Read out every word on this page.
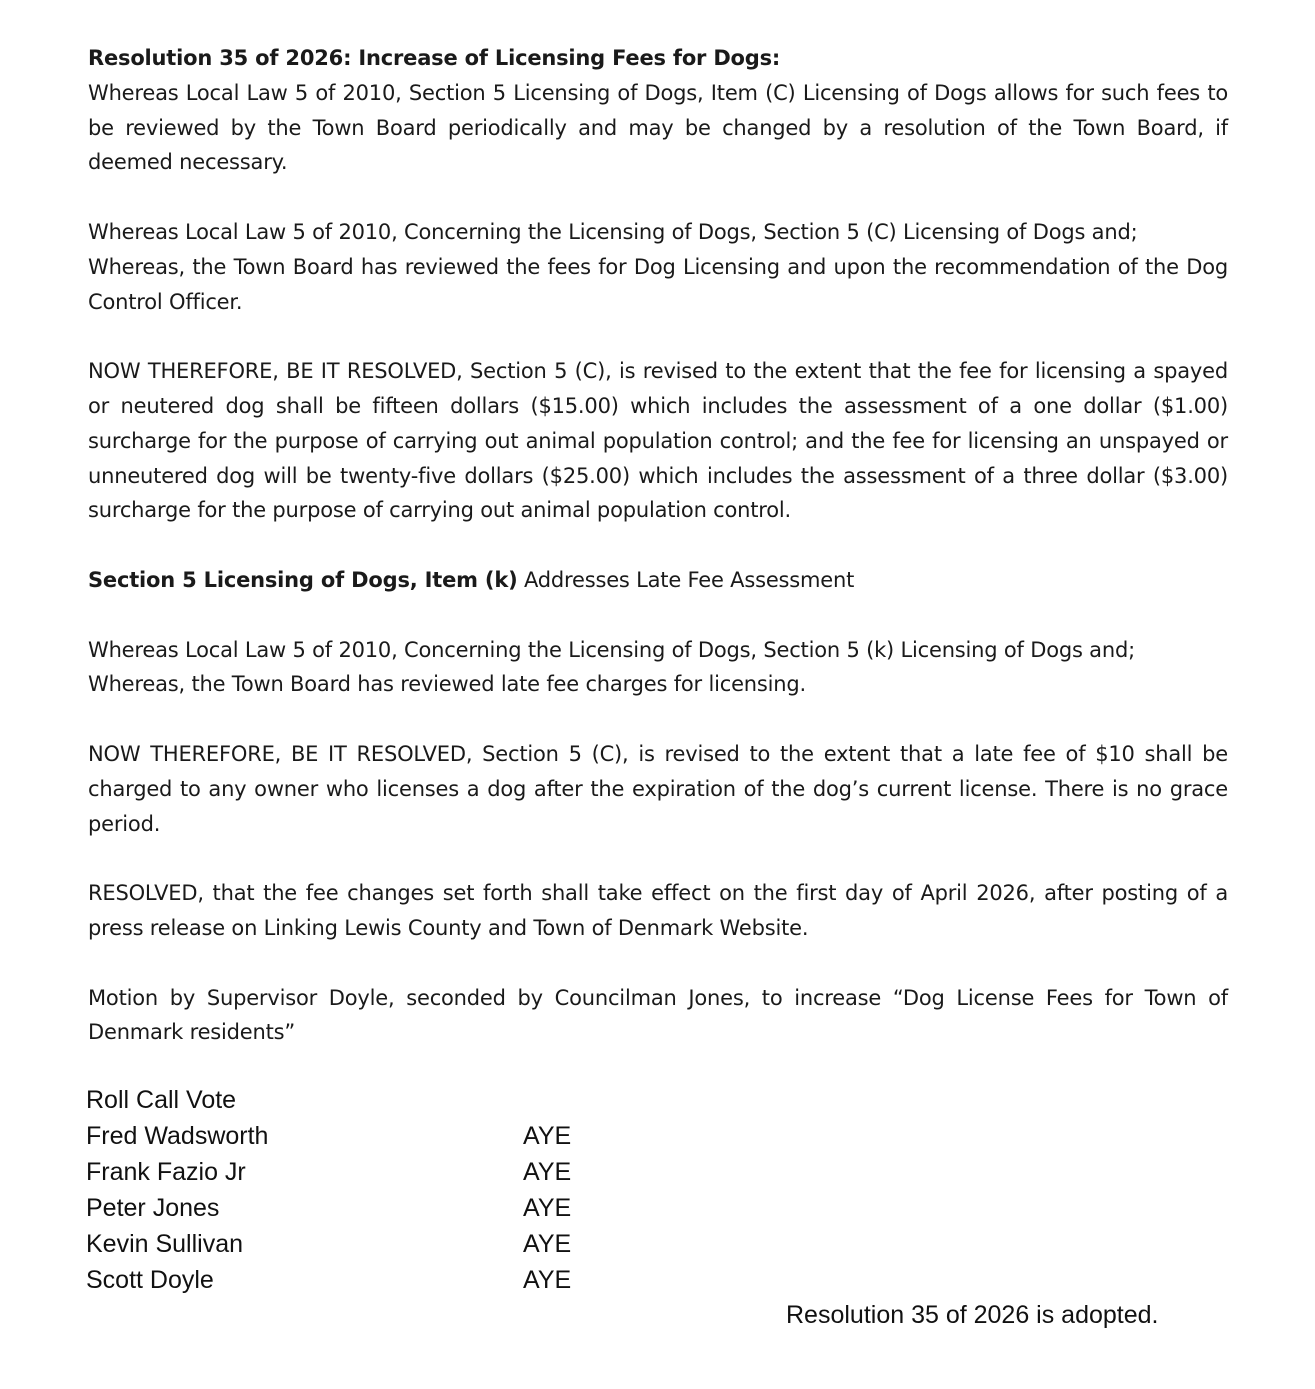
Resolution 35 of 2026: Increase of Licensing Fees for Dogs:

Whereas Local Law 5 of 2010, Section 5 Licensing of Dogs, Item (C) Licensing of Dogs allows for such fees to be reviewed by the Town Board periodically and may be changed by a resolution of the Town Board, if deemed necessary.

Whereas Local Law 5 of 2010, Concerning the Licensing of Dogs, Section 5 (C) Licensing of Dogs and;

Whereas, the Town Board has reviewed the fees for Dog Licensing and upon the recommendation of the Dog Control Officer.

NOW THEREFORE, BE IT RESOLVED, Section 5 (C), is revised to the extent that the fee for licensing a spayed or neutered dog shall be fifteen dollars ($15.00) which includes the assessment of a one dollar ($1.00) surcharge for the purpose of carrying out animal population control; and the fee for licensing an unspayed or unneutered dog will be twenty-five dollars ($25.00) which includes the assessment of a three dollar ($3.00) surcharge for the purpose of carrying out animal population control.

Section 5 Licensing of Dogs, Item (k) Addresses Late Fee Assessment

Whereas Local Law 5 of 2010, Concerning the Licensing of Dogs, Section 5 (k) Licensing of Dogs and;

Whereas, the Town Board has reviewed late fee charges for licensing.

NOW THEREFORE, BE IT RESOLVED, Section 5 (C), is revised to the extent that a late fee of $10 shall be charged to any owner who licenses a dog after the expiration of the dog’s current license. There is no grace period.

RESOLVED, that the fee changes set forth shall take effect on the first day of April 2026, after posting of a press release on Linking Lewis County and Town of Denmark Website.

Motion by Supervisor Doyle, seconded by Councilman Jones, to increase “Dog License Fees for Town of Denmark residents”

Roll Call Vote
Fred Wadsworth	AYE
Frank Fazio Jr	AYE
Peter Jones	AYE
Kevin Sullivan	AYE
Scott Doyle	AYE
Resolution 35 of 2026 is adopted.
